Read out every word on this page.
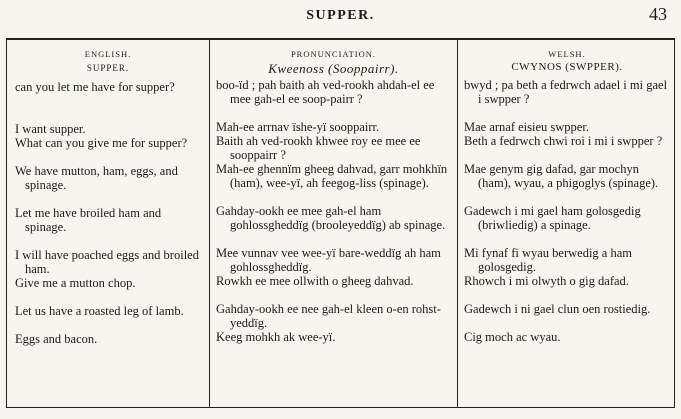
SUPPER.	43
ENGLISH.
SUPPER.
can you let me have for supper?
I want supper.
What can you give me for supper?
We have mutton, ham, eggs, and spinage.
Let me have broiled ham and spinage.
I will have poached eggs and broiled ham.
Give me a mutton chop.
Let us have a roasted leg of lamb.
Eggs and bacon.
PRONUNCIATION.
Kweenoss (Sooppairr).
boo-ïd ; pah baith ah ved-rookh ahdah-el ee mee gah-el ee soop-pairr ?
Mah-ee arrnav ïshe-yï sooppairr.
Baith ah ved-rookh khwee roy ee mee ee sooppairr ?
Mah-ee ghennïm gheeg dahvad, garr mohkhïn (ham), wee-yï, ah feegog-liss (spinage).
Gahday-ookh ee mee gah-el ham gohlossgheddïg (brooleyeddïg) ab spinage.
Mee vunnav vee wee-yï bare-weddïg ah ham gohlossgheddïg.
Rowkh ee mee ollwith o gheeg dahvad.
Gahday-ookh ee nee gah-el kleen o-en rohst-yeddïg.
Keeg mohkh ak wee-yï.
WELSH.
CWYNOS (SWPPER).
bwyd ; pa beth a fedrwch adael i mi gael i swpper ?
Mae arnaf eisieu swpper.
Beth a fedrwch chwi roi i mi i swpper ?
Mae genym gig dafad, gar mochyn (ham), wyau, a phigoglys (spinage).
Gadewch i mi gael ham golosgedig (briwliedig) a spinage.
Mi fynaf fi wyau berwedig a ham golosgedig.
Rhowch i mi olwyth o gig dafad.
Gadewch i ni gael clun oen rostiedig.
Cig moch ac wyau.
